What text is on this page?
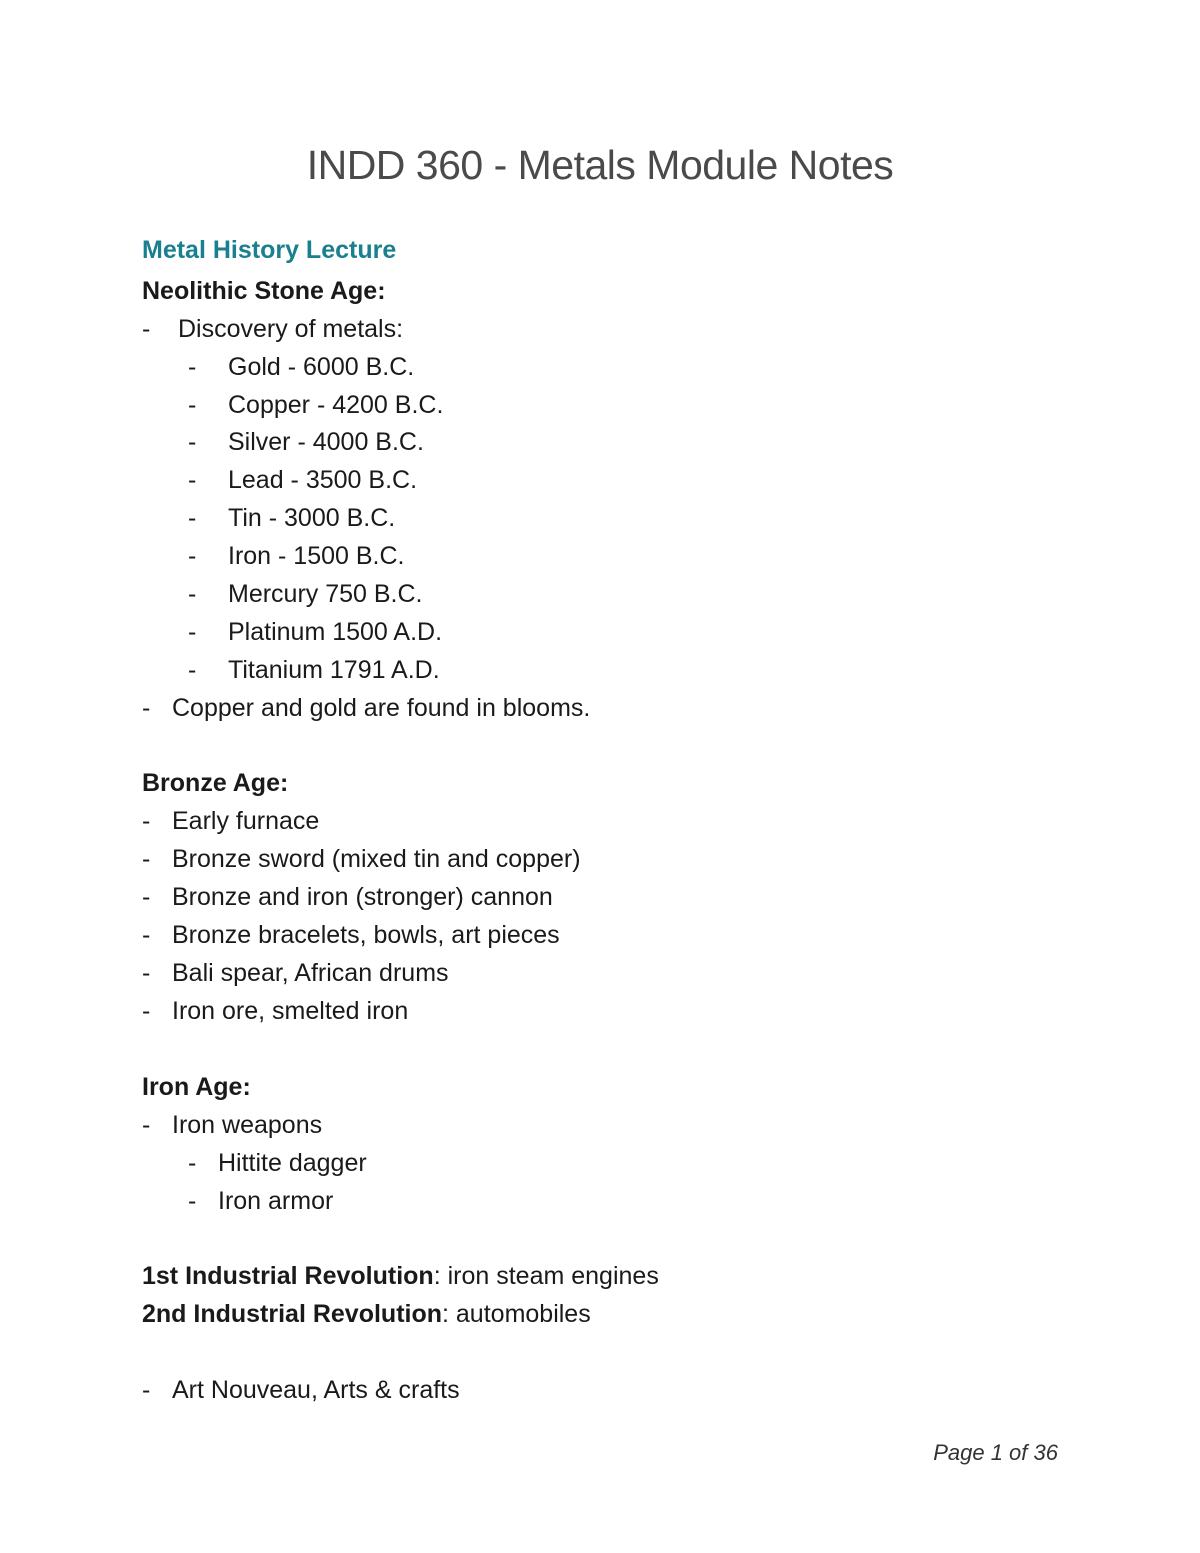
INDD 360 - Metals Module Notes
Metal History Lecture
Neolithic Stone Age:
- Discovery of metals:
- Gold - 6000 B.C.
- Copper - 4200 B.C.
- Silver - 4000 B.C.
- Lead - 3500 B.C.
- Tin - 3000 B.C.
- Iron - 1500 B.C.
- Mercury 750 B.C.
- Platinum 1500 A.D.
- Titanium 1791 A.D.
- Copper and gold are found in blooms.
Bronze Age:
- Early furnace
- Bronze sword (mixed tin and copper)
- Bronze and iron (stronger) cannon
- Bronze bracelets, bowls, art pieces
- Bali spear, African drums
- Iron ore, smelted iron
Iron Age:
- Iron weapons
- Hittite dagger
- Iron armor
1st Industrial Revolution: iron steam engines
2nd Industrial Revolution: automobiles
- Art Nouveau, Arts & crafts
Page 1 of 36
